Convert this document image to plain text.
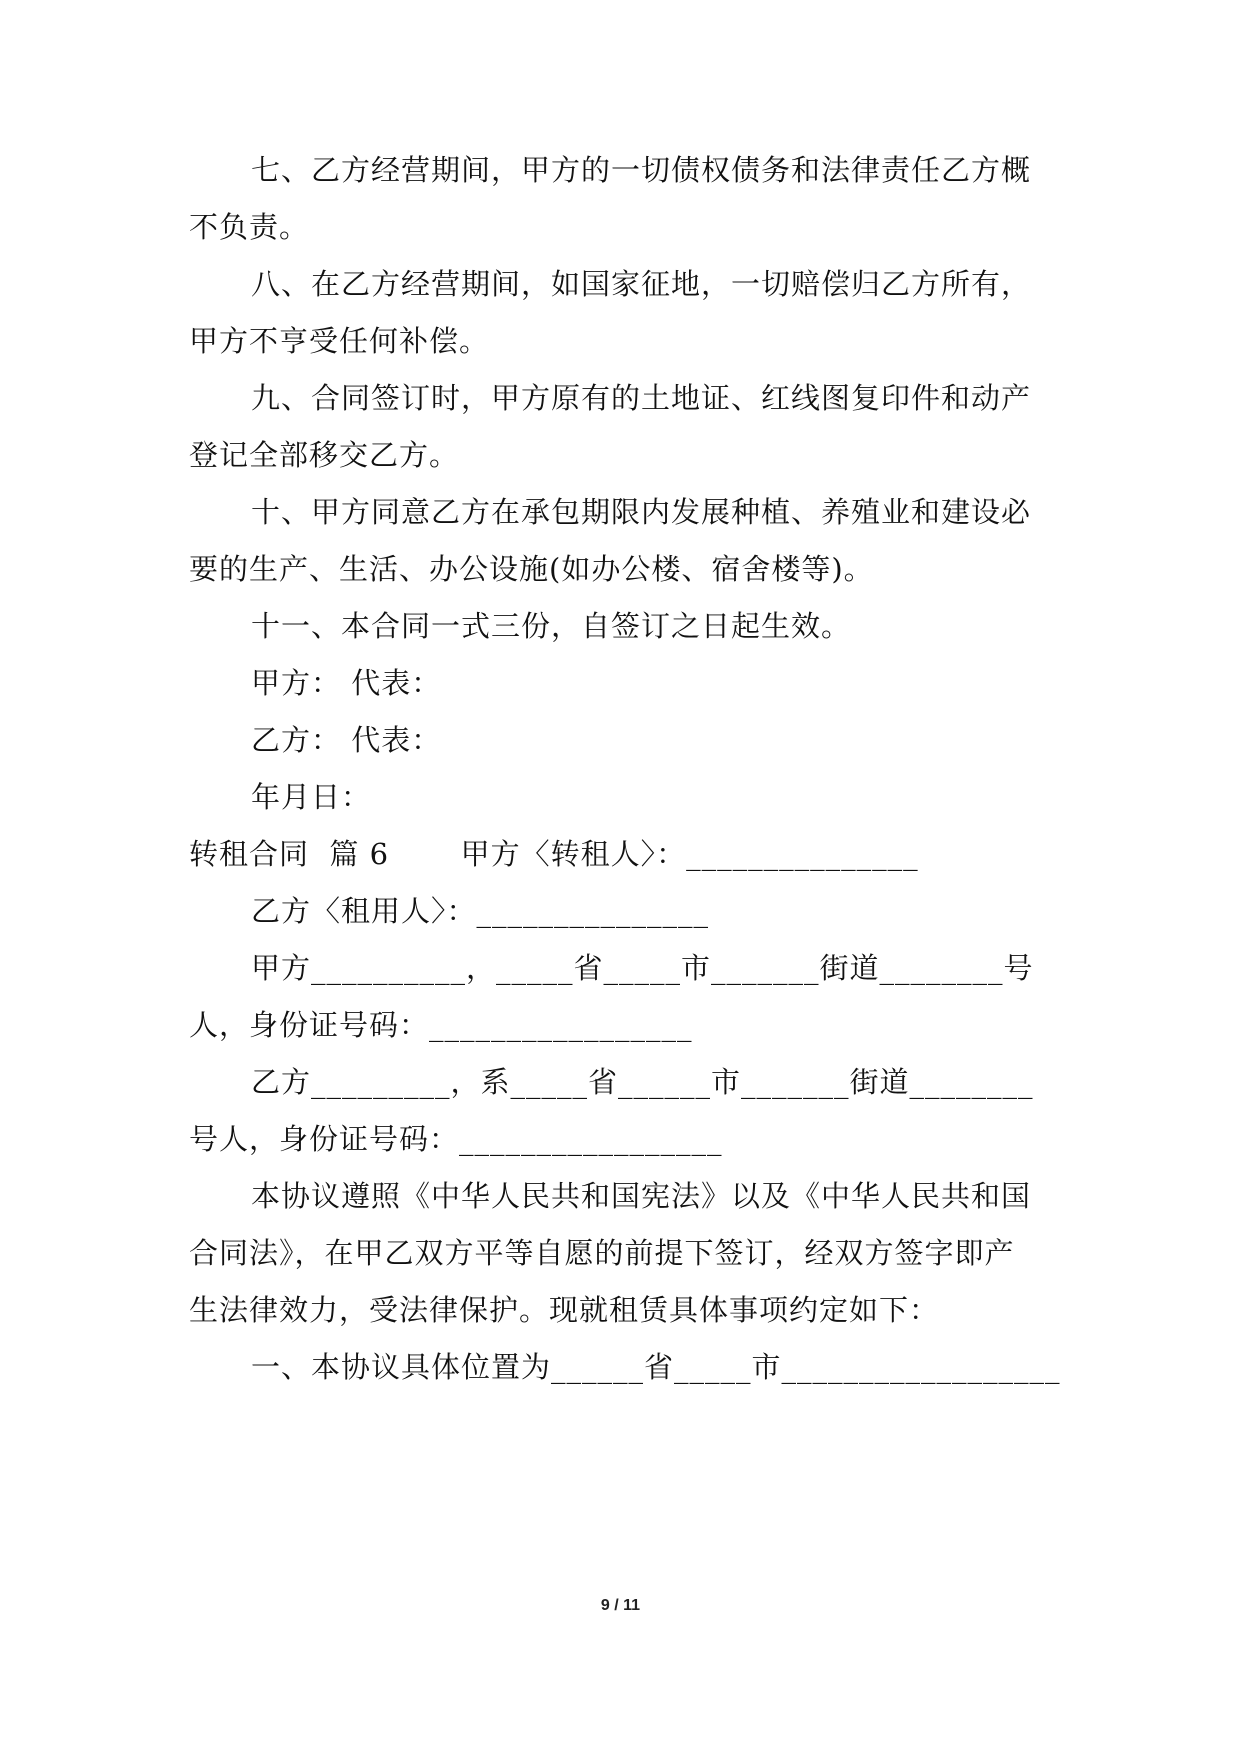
七、乙方经营期间，甲方的一切债权债务和法律责任乙方概
不负责。
八、在乙方经营期间，如国家征地，一切赔偿归乙方所有，
甲方不亨受任何补偿。
九、合同签订时，甲方原有的土地证、红线图复印件和动产
登记全部移交乙方。
十、甲方同意乙方在承包期限内发展种植、养殖业和建设必
要的生产、生活、办公设施(如办公楼、宿舍楼等)。
十一、本合同一式三份，自签订之日起生效。
甲方： 代表：
乙方： 代表：
年月日：
转租合同  篇 6       甲方〈转租人〉：_______________
乙方〈租用人〉：_______________
甲方__________，_____省_____市_______街道________号
人，身份证号码：_________________
乙方_________，系_____省______市_______街道________
号人，身份证号码：_________________
本协议遵照《中华人民共和国宪法》以及《中华人民共和国
合同法》，在甲乙双方平等自愿的前提下签订，经双方签字即产
生法律效力，受法律保护。现就租赁具体事项约定如下：
一、本协议具体位置为______省_____市__________________
9 / 11
